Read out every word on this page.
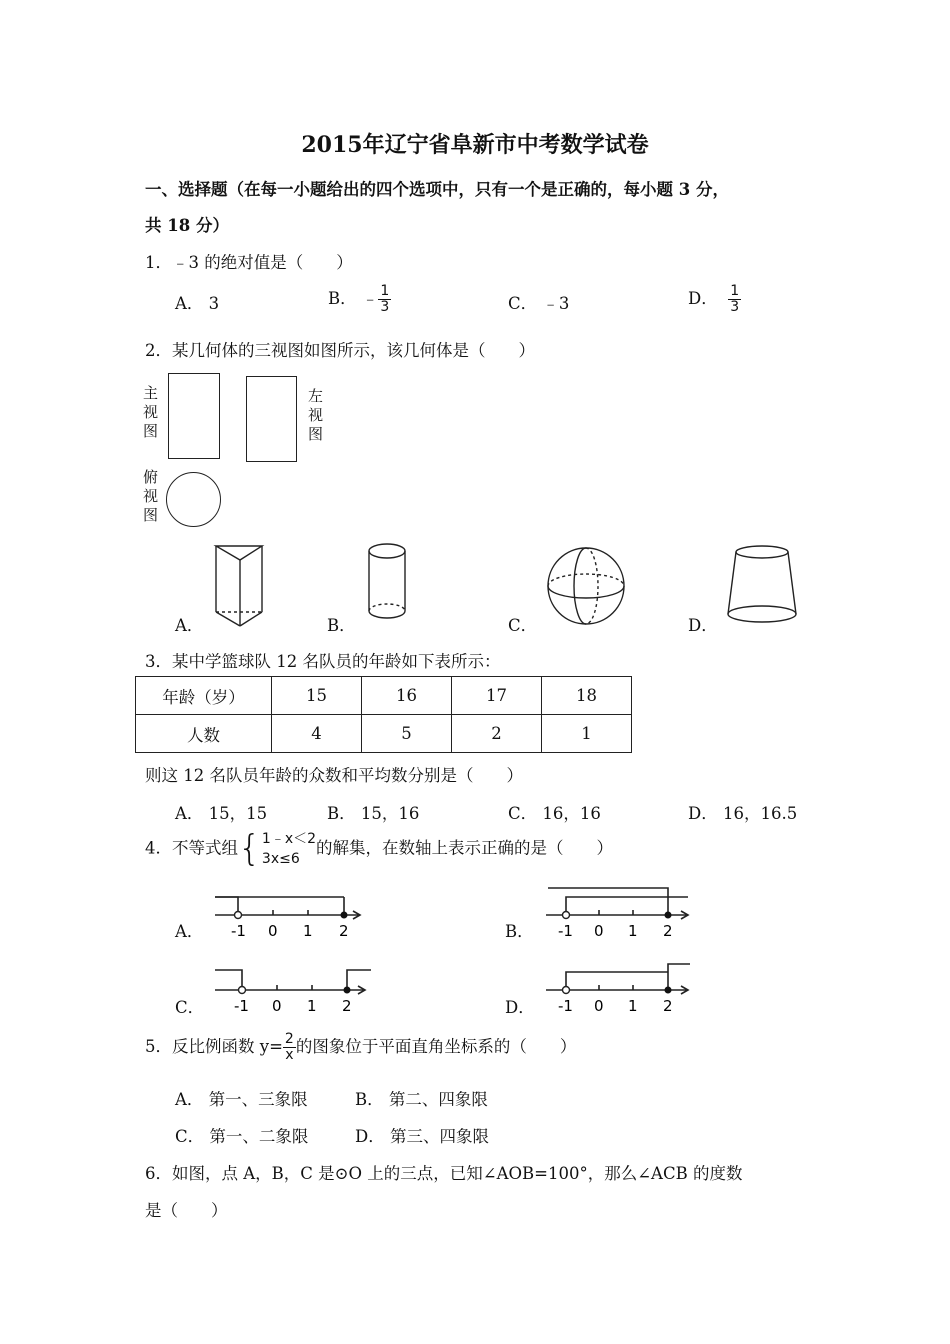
2015年辽宁省阜新市中考数学试卷
一、选择题（在每一小题给出的四个选项中，只有一个是正确的，每小题 3 分，
共 18 分）
1．﹣3 的绝对值是（　　）
A． 3	B． ﹣ $\frac{1}{3}$	C． ﹣3	D． $\frac{1}{3}$
2．某几何体的三视图如图所示，该几何体是（　　）
主视图
左视图
俯视图
A．	B．	C．	D．
3．某中学篮球队 12 名队员的年龄如下表所示：
年龄（岁）	15	16	17	18
人数	4	5	2	1
则这 12 名队员年龄的众数和平均数分别是（　　）
A． 15，15	B． 15，16	C． 16，16	D． 16，16.5
4．不等式组 { 1﹣x＜2
3x≤6
的解集，在数轴上表示正确的是（　　）
A． -1 0 1 2	B． -1 0 1 2
C． -1 0 1 2	D． -1 0 1 2
5．反比例函数 $y= \frac{2}{x}$ 的图象位于平面直角坐标系的（　　）
A． 第一、三象限	B． 第二、四象限
C． 第一、二象限	D． 第三、四象限
6．如图，点 A，B，C 是⊙O 上的三点，已知∠AOB=100°，那么∠ACB 的度数
是（　　）
